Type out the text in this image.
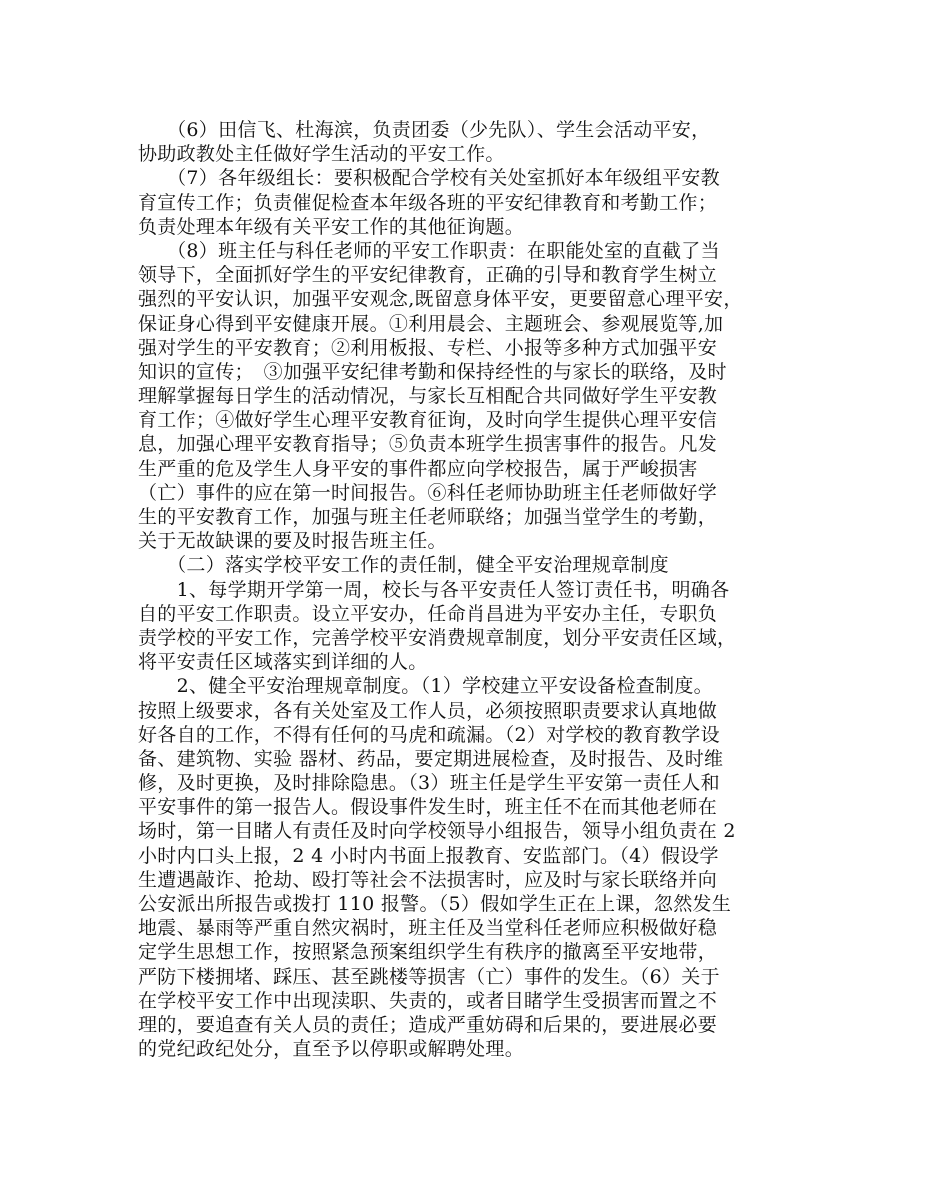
　　（6）田信飞、杜海滨，负责团委（少先队）、学生会活动平安，
协助政教处主任做好学生活动的平安工作。
　　（7）各年级组长：要积极配合学校有关处室抓好本年级组平安教
育宣传工作；负责催促检查本年级各班的平安纪律教育和考勤工作；
负责处理本年级有关平安工作的其他征询题。
　　（8）班主任与科任老师的平安工作职责：在职能处室的直截了当
领导下，全面抓好学生的平安纪律教育，正确的引导和教育学生树立
强烈的平安认识，加强平安观念,既留意身体平安，更要留意心理平安，
保证身心得到平安健康开展。①利用晨会、主题班会、参观展览等,加
强对学生的平安教育；②利用板报、专栏、小报等多种方式加强平安
知识的宣传；　③加强平安纪律考勤和保持经性的与家长的联络，及时
理解掌握每日学生的活动情况，与家长互相配合共同做好学生平安教
育工作；④做好学生心理平安教育征询，及时向学生提供心理平安信
息，加强心理平安教育指导；⑤负责本班学生损害事件的报告。凡发
生严重的危及学生人身平安的事件都应向学校报告，属于严峻损害
（亡）事件的应在第一时间报告。⑥科任老师协助班主任老师做好学
生的平安教育工作，加强与班主任老师联络；加强当堂学生的考勤，
关于无故缺课的要及时报告班主任。
　　（二）落实学校平安工作的责任制，健全平安治理规章制度
　　1、每学期开学第一周，校长与各平安责任人签订责任书，明确各
自的平安工作职责。设立平安办，任命肖昌进为平安办主任，专职负
责学校的平安工作，完善学校平安消费规章制度，划分平安责任区域，
将平安责任区域落实到详细的人。
　　2、健全平安治理规章制度。（1）学校建立平安设备检查制度。
按照上级要求，各有关处室及工作人员，必须按照职责要求认真地做
好各自的工作，不得有任何的马虎和疏漏。（2）对学校的教育教学设
备、建筑物、实验 器材、药品，要定期进展检查，及时报告、及时维
修，及时更换，及时排除隐患。（3）班主任是学生平安第一责任人和
平安事件的第一报告人。假设事件发生时，班主任不在而其他老师在
场时，第一目睹人有责任及时向学校领导小组报告，领导小组负责在 2
小时内口头上报，2 4 小时内书面上报教育、安监部门。（4）假设学
生遭遇敲诈、抢劫、殴打等社会不法损害时，应及时与家长联络并向
公安派出所报告或拨打 110 报警。（5）假如学生正在上课，忽然发生
地震、暴雨等严重自然灾祸时，班主任及当堂科任老师应积极做好稳
定学生思想工作，按照紧急预案组织学生有秩序的撤离至平安地带，
严防下楼拥堵、踩压、甚至跳楼等损害（亡）事件的发生。（6）关于
在学校平安工作中出现渎职、失责的，或者目睹学生受损害而置之不
理的，要追查有关人员的责任；造成严重妨碍和后果的，要进展必要
的党纪政纪处分，直至予以停职或解聘处理。
